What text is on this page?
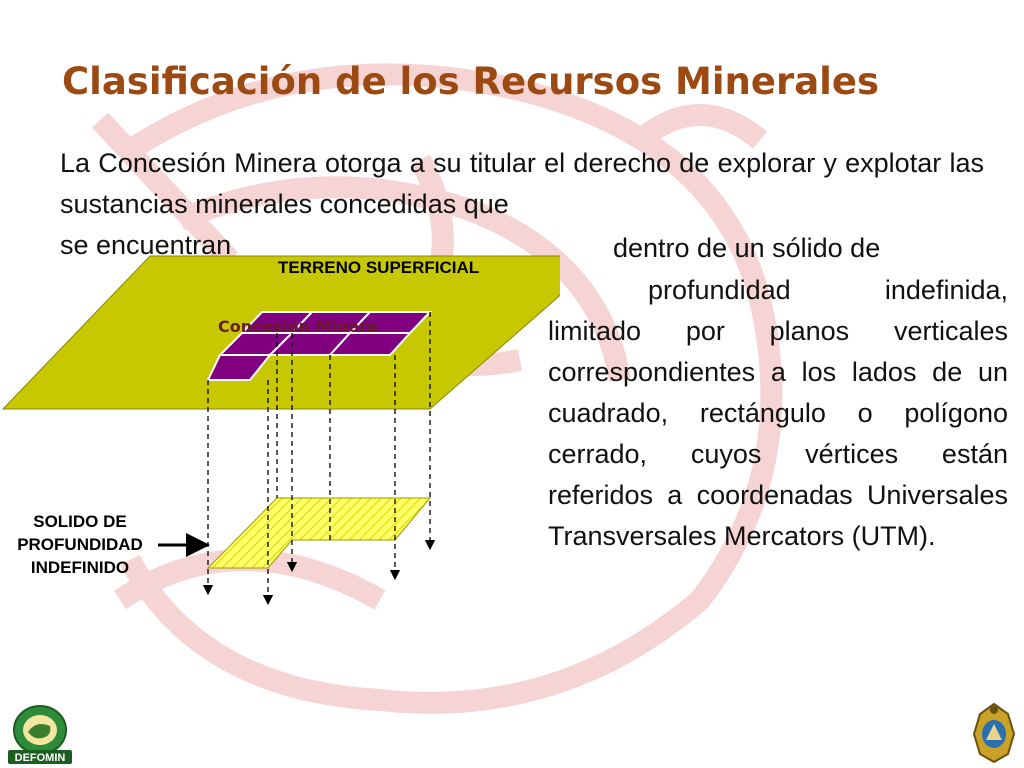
Clasificación de los Recursos Minerales

La Concesión Minera otorga a su titular el derecho de explorar y explotar las sustancias minerales concedidas que

se encuentran	dentro de un sólido de

profundidad indefinida, limitado por planos verticales correspondientes a los lados de un cuadrado, rectángulo o polígono cerrado, cuyos vértices están referidos a coordenadas Universales Transversales Mercators (UTM).

TERRENO SUPERFICIAL
Concesión Minera
SOLIDO DE
PROFUNDIDAD
INDEFINIDO
DEFOMIN
